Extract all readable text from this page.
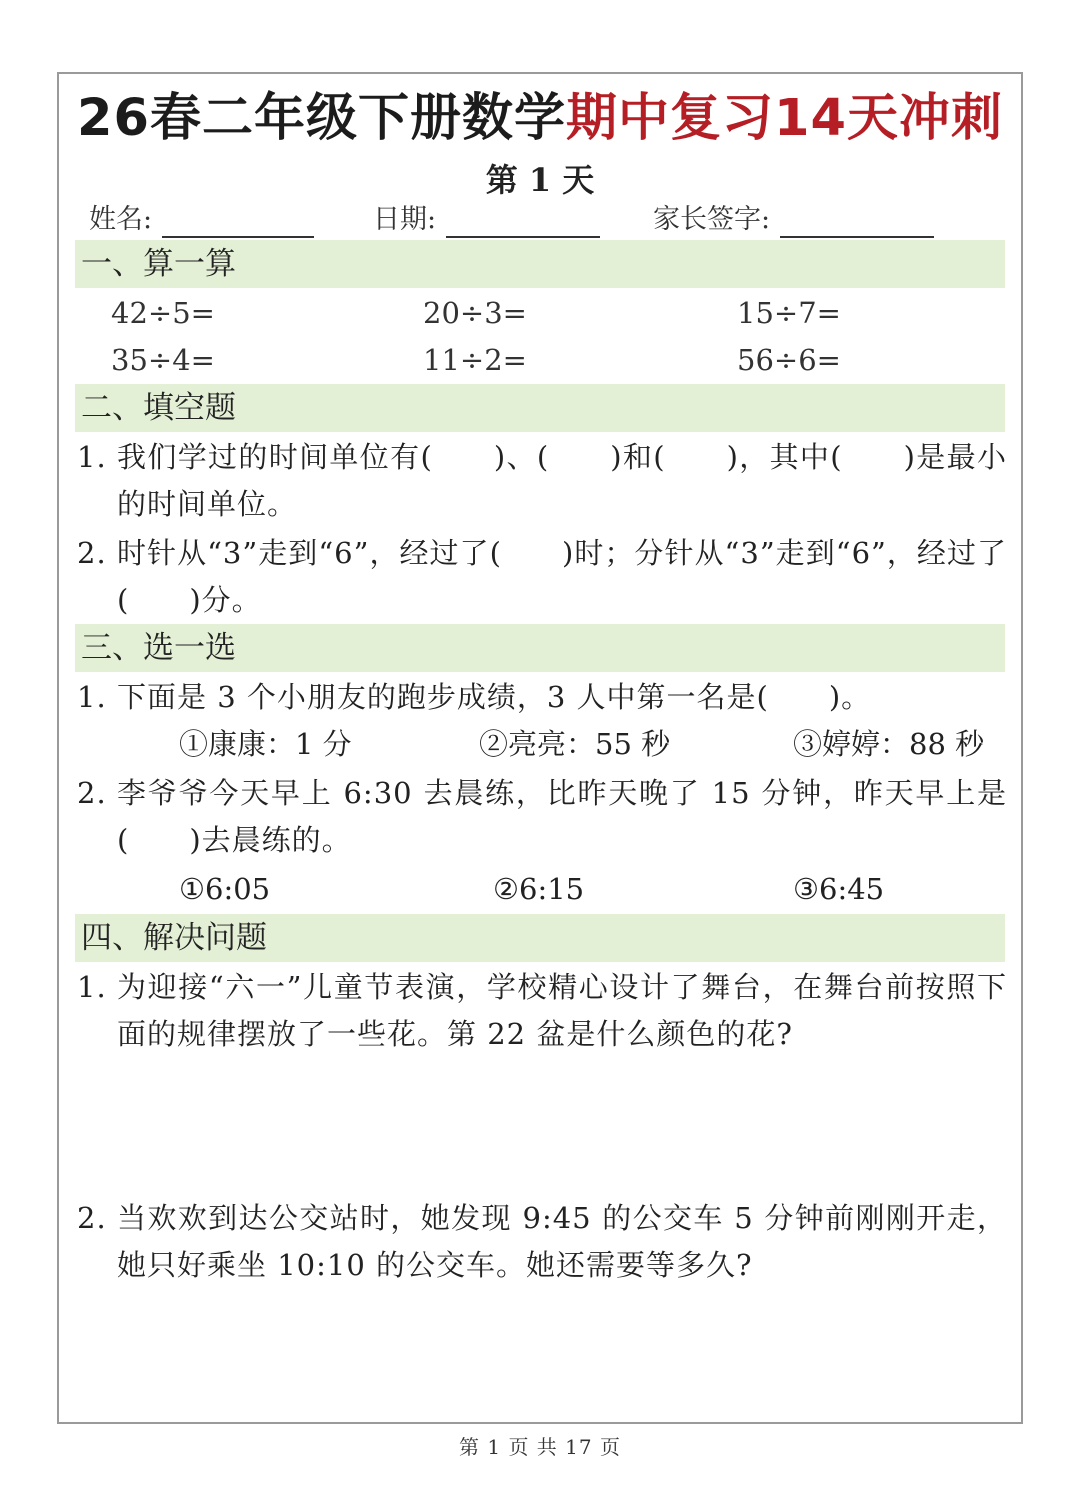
26春二年级下册数学期中复习14天冲刺
第 1 天
姓名:	日期:	家长签字:
一、算一算
42÷5=	20÷3=	15÷7=
35÷4=	11÷2=	56÷6=
二、填空题
1. 我们学过的时间单位有(　　)、(　　)和(　　)，其中(　　)是最小的时间单位。
2. 时针从“3”走到“6”，经过了(　　)时；分针从“3”走到“6”，经过了(　　)分。
三、选一选
1. 下面是 3 个小朋友的跑步成绩，3 人中第一名是(　　)。
①康康：1 分	②亮亮：55 秒	③婷婷：88 秒
2. 李爷爷今天早上 6:30 去晨练，比昨天晚了 15 分钟，昨天早上是(　　)去晨练的。
①6:05	②6:15	③6:45
四、解决问题
1. 为迎接“六一”儿童节表演，学校精心设计了舞台，在舞台前按照下面的规律摆放了一些花。第 22 盆是什么颜色的花?
2. 当欢欢到达公交站时，她发现 9:45 的公交车 5 分钟前刚刚开走，她只好乘坐 10:10 的公交车。她还需要等多久?
第 1 页 共 17 页
